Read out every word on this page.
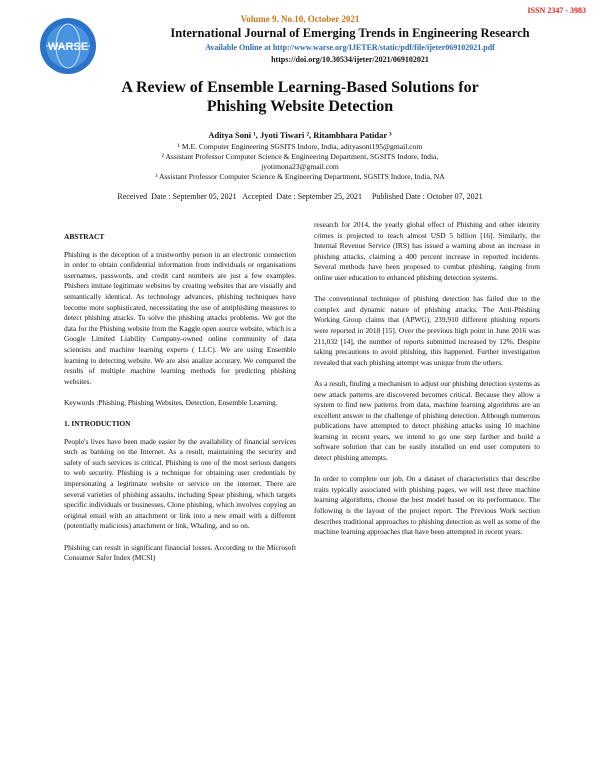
ISSN 2347 - 3983
WARSE
Volume 9. No.10, October 2021
International Journal of Emerging Trends in Engineering Research
Available Online at http://www.warse.org/IJETER/static/pdf/file/ijeter069102021.pdf
https://doi.org/10.30534/ijeter/2021/069102021
A Review of Ensemble Learning-Based Solutions for
Phishing Website Detection
Aditya Soni ¹, Jyoti Tiwari ², Ritambhara Patidar ³
¹ M.E. Computer Engineering SGSITS Indore, India, adityasoni195@gmail.com
² Assistant Professor Computer Science & Engineering Department, SGSITS Indore, India,
jyotimona23@gmail.com
³ Assistant Professor Computer Science & Engineering Department, SGSITS Indore, India, NA
Received  Date : September 05, 2021   Accepted  Date : September 25, 2021     Published Date : October 07, 2021

ABSTRACT

Phishing is the deception of a trustworthy person in an electronic connection in order to obtain confidential information from individuals or organisations usernames, passwords, and credit card numbers are just a few examples. Phishers imitate legitimate websites by creating websites that are visually and semantically identical. As technology advances, phishing techniques have become more sophisticated, necessitating the use of antiphishing measures to detect phishing attacks. To solve the phishing attacks problems. We got the data for the Phishing website from the Kaggle open source website, which is a Google Limited Liability Company-owned online community of data scientists and machine learning experts ( LLC). We are using Ensemble learning to detecting website. We are also analize accurary. We compared the results of multiple machine learning methods for predicting phishing websites.

Keywords :Phishing, Phishing Websites, Detection, Ensemble Learning.

1. INTRODUCTION

People's lives have been made easier by the availability of financial services such as banking on the Internet. As a result, maintaining the security and safety of such services is critical. Phishing is one of the most serious dangers to web security. Phishing is a technique for obtaining user credentials by impersonating a legitimate website or service on the internet. There are several varieties of phishing assaults, including Spear phishing, which targets specific individuals or businesses, Clone phishing, which involves copying an original email with an attachment or link into a new email with a different (potentially malicious) attachment or link, Whaling, and so on.

Phishing can result in significant financial losses. According to the Microsoft Consumer Safer Index (MCSI)

research for 2014, the yearly global effect of Phishing and other identity crimes is projected to reach almost USD 5 billion [16]. Similarly, the Internal Revenue Service (IRS) has issued a warning about an increase in phishing attacks, claiming a 400 percent increase in reported incidents. Several methods have been proposed to combat phishing, ranging from online user education to enhanced phishing detection systems.

The conventional technique of phishing detection has failed due to the complex and dynamic nature of phishing attacks. The Anti-Phishing Working Group claims that (APWG), 239,910 different phishing reports were reported in 2018 [15]. Over the previous high point in June 2016 was 211,032 [14], the number of reports submitted increased by 12%. Despite taking precautions to avoid phishing, this happened. Further investigation revealed that each phishing attempt was unique from the others.

As a result, finding a mechanism to adjust our phishing detection systems as new attack patterns are discovered becomes critical. Because they allow a system to find new patterns from data, machine learning algorithms are an excellent answer to the challenge of phishing detection. Although numerous publications have attempted to detect phishing attacks using 10 machine learning in recent years, we intend to go one step farther and build a software solution that can be easily installed on end user computers to detect phishing attempts.

In order to complete our job, On a dataset of characteristics that describe traits typically associated with phishing pages, we will test three machine learning algorithms, choose the best model based on its performance. The following is the layout of the project report. The Previous Work section describes traditional approaches to phishing detection as well as some of the machine learning approaches that have been attempted in recent years.
